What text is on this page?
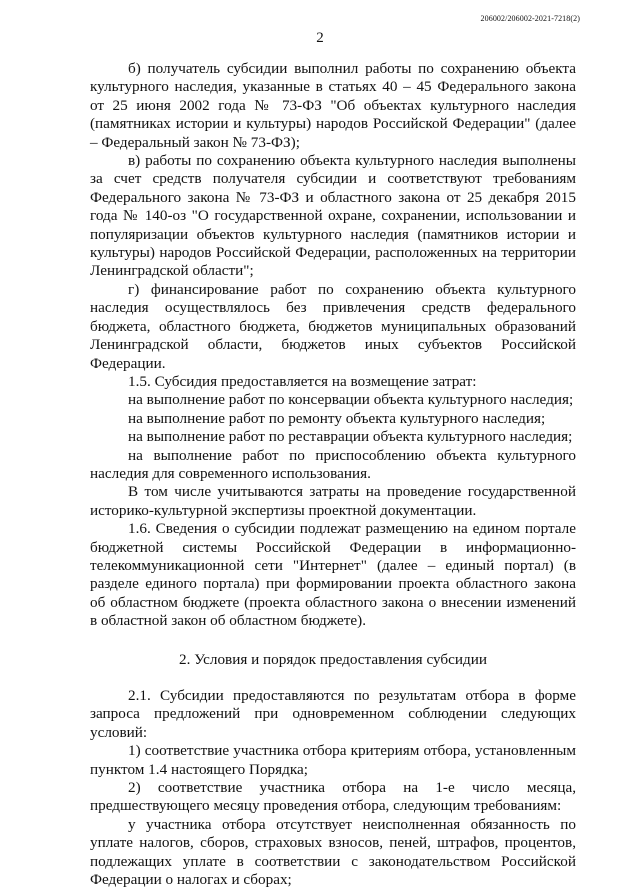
2
206002/206002-2021-7218(2)

б) получатель субсидии выполнил работы по сохранению объекта культурного наследия, указанные в статьях 40 – 45 Федерального закона от 25 июня 2002 года № 73-ФЗ "Об объектах культурного наследия (памятниках истории и культуры) народов Российской Федерации" (далее – Федеральный закон № 73-ФЗ);

в) работы по сохранению объекта культурного наследия выполнены за счет средств получателя субсидии и соответствуют требованиям Федерального закона № 73-ФЗ и областного закона от 25 декабря 2015 года № 140-оз "О государственной охране, сохранении, использовании и популяризации объектов культурного наследия (памятников истории и культуры) народов Российской Федерации, расположенных на территории Ленинградской области";

г) финансирование работ по сохранению объекта культурного наследия осуществлялось без привлечения средств федерального бюджета, областного бюджета, бюджетов муниципальных образований Ленинградской области, бюджетов иных субъектов Российской Федерации.

1.5. Субсидия предоставляется на возмещение затрат:

на выполнение работ по консервации объекта культурного наследия;

на выполнение работ по ремонту объекта культурного наследия;

на выполнение работ по реставрации объекта культурного наследия;

на выполнение работ по приспособлению объекта культурного наследия для современного использования.

В том числе учитываются затраты на проведение государственной историко-культурной экспертизы проектной документации.

1.6. Сведения о субсидии подлежат размещению на едином портале бюджетной системы Российской Федерации в информационно-телекоммуникационной сети "Интернет" (далее – единый портал) (в разделе единого портала) при формировании проекта областного закона об областном бюджете (проекта областного закона о внесении изменений в областной закон об областном бюджете).

2. Условия и порядок предоставления субсидии

2.1. Субсидии предоставляются по результатам отбора в форме запроса предложений при одновременном соблюдении следующих условий:

1) соответствие участника отбора критериям отбора, установленным пунктом 1.4 настоящего Порядка;

2) соответствие участника отбора на 1-е число месяца, предшествующего месяцу проведения отбора, следующим требованиям:

у участника отбора отсутствует неисполненная обязанность по уплате налогов, сборов, страховых взносов, пеней, штрафов, процентов, подлежащих уплате в соответствии с законодательством Российской Федерации о налогах и сборах;
